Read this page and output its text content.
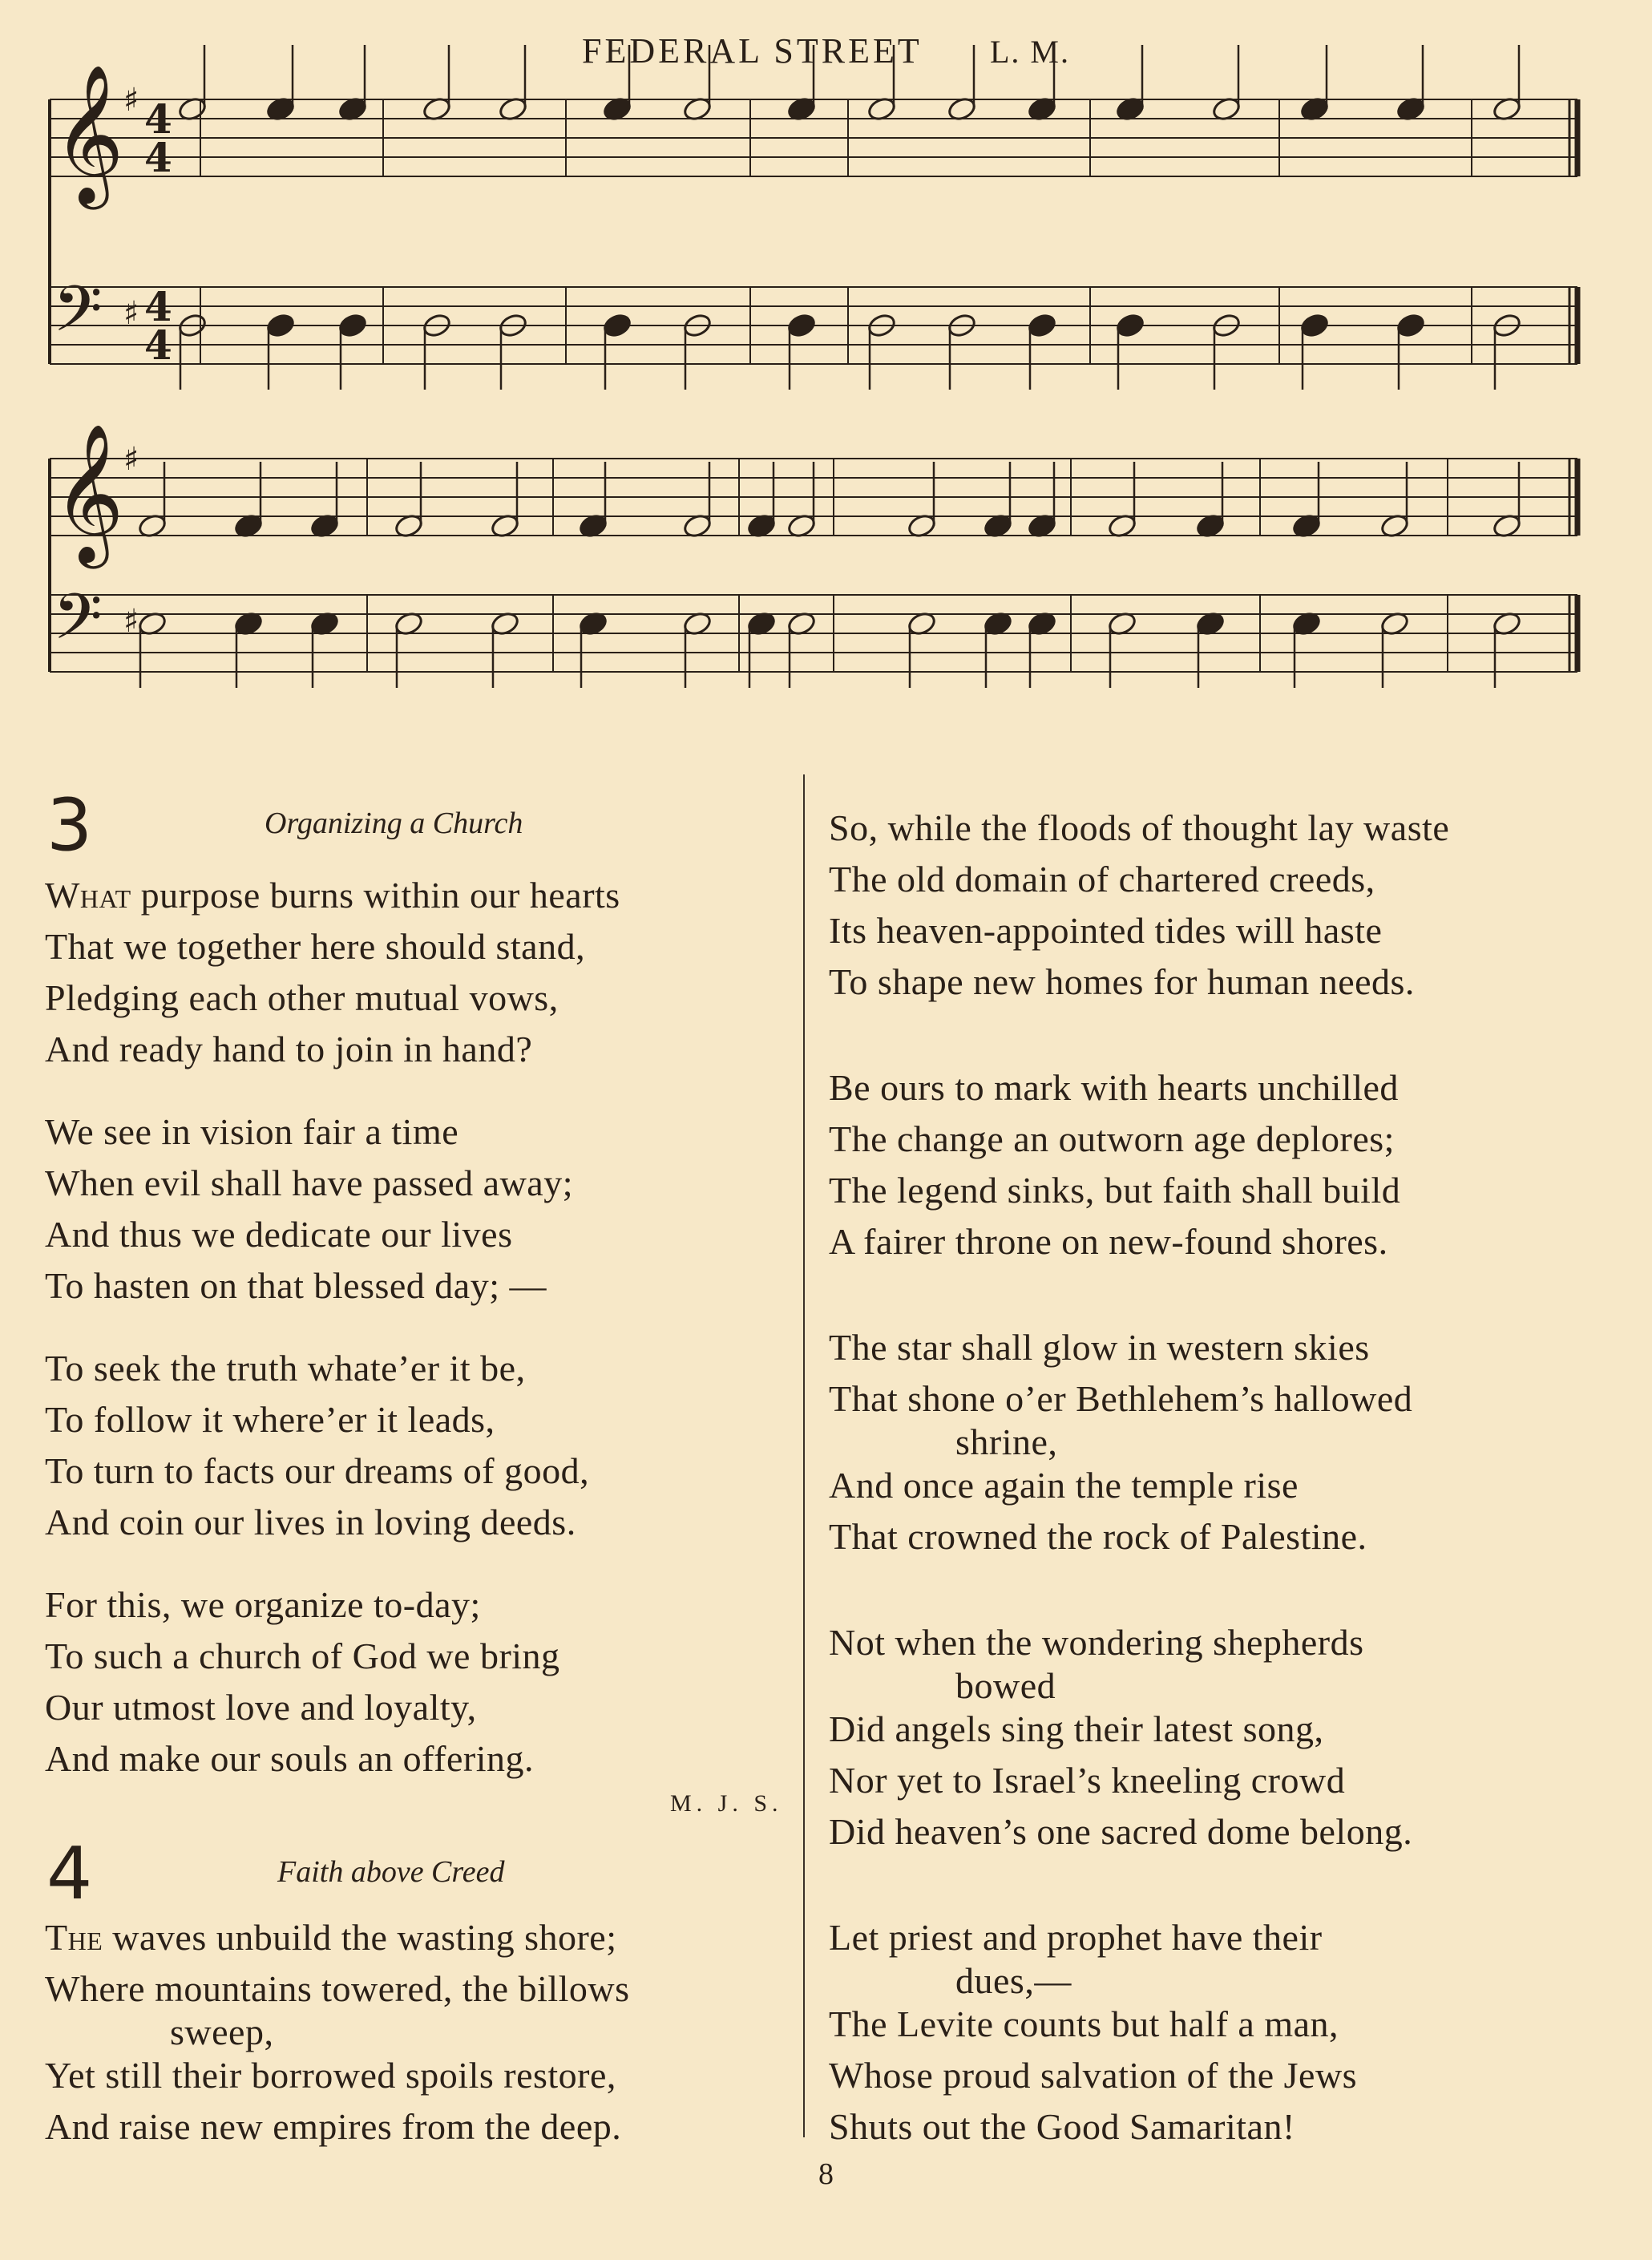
FEDERAL STREET L. M.
𝄞 ♯ 4
4
𝄢 ♯ 4
4
𝄞 ♯
𝄢 ♯
3	Organizing a Church
What purpose burns within our hearts
That we together here should stand,
Pledging each other mutual vows,
And ready hand to join in hand?
We see in vision fair a time
When evil shall have passed away;
And thus we dedicate our lives
To hasten on that blessed day; —
To seek the truth whate’er it be,
To follow it where’er it leads,
To turn to facts our dreams of good,
And coin our lives in loving deeds.
For this, we organize to-day;
To such a church of God we bring
Our utmost love and loyalty,
And make our souls an offering.
M. J. S.
4	Faith above Creed
The waves unbuild the wasting shore;
Where mountains towered, the billows
sweep,
Yet still their borrowed spoils restore,
And raise new empires from the deep.
So, while the floods of thought lay waste
The old domain of chartered creeds,
Its heaven-appointed tides will haste
To shape new homes for human needs.
Be ours to mark with hearts unchilled
The change an outworn age deplores;
The legend sinks, but faith shall build
A fairer throne on new-found shores.
The star shall glow in western skies
That shone o’er Bethlehem’s hallowed
shrine,
And once again the temple rise
That crowned the rock of Palestine.
Not when the wondering shepherds
bowed
Did angels sing their latest song,
Nor yet to Israel’s kneeling crowd
Did heaven’s one sacred dome belong.
Let priest and prophet have their
dues,—
The Levite counts but half a man,
Whose proud salvation of the Jews
Shuts out the Good Samaritan!
8
